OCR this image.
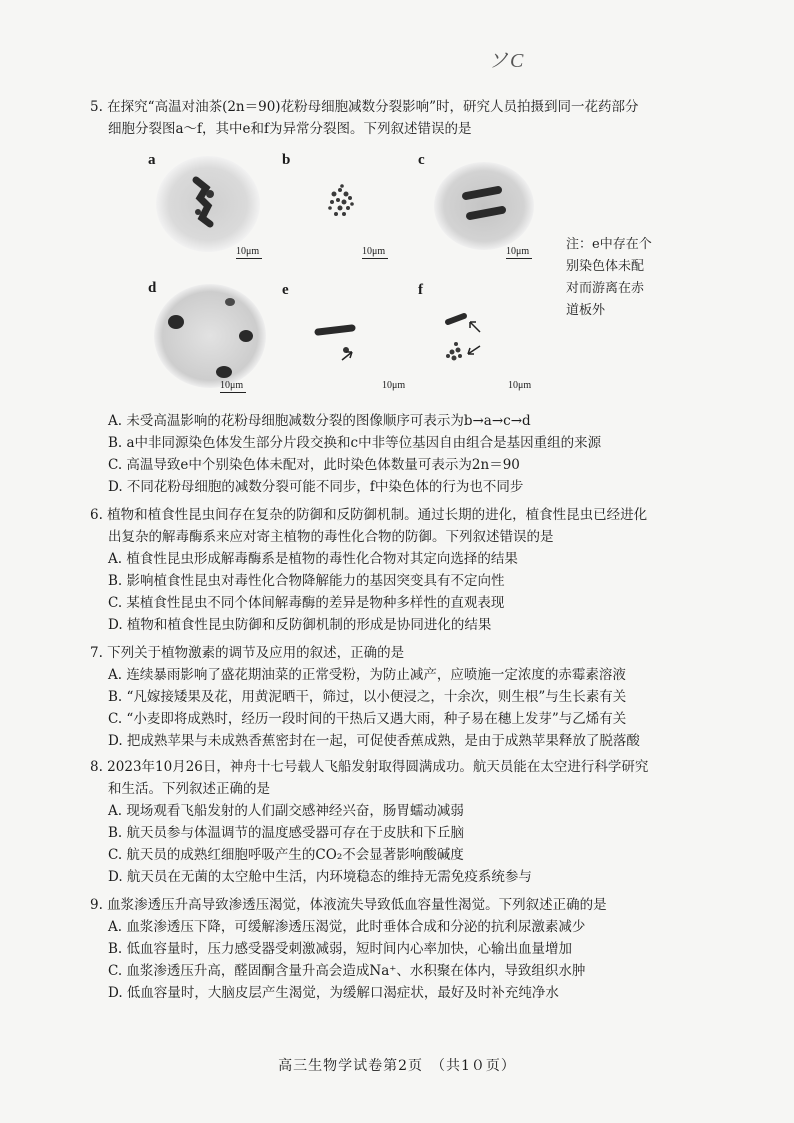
ソC
5. 在探究“高温对油茶(2n＝90)花粉母细胞减数分裂影响”时，研究人员拍摄到同一花药部分
细胞分裂图a～f，其中e和f为异常分裂图。下列叙述错误的是
a
10μm
b
10μm
c
10μm
d
10μm
e
10μm
f
10μm
注：e中存在个
别染色体未配
对而游离在赤
道板外
A. 未受高温影响的花粉母细胞减数分裂的图像顺序可表示为b→a→c→d
B. a中非同源染色体发生部分片段交换和c中非等位基因自由组合是基因重组的来源
C. 高温导致e中个别染色体未配对，此时染色体数量可表示为2n＝90
D. 不同花粉母细胞的减数分裂可能不同步，f中染色体的行为也不同步
6. 植物和植食性昆虫间存在复杂的防御和反防御机制。通过长期的进化，植食性昆虫已经进化
出复杂的解毒酶系来应对寄主植物的毒性化合物的防御。下列叙述错误的是
A. 植食性昆虫形成解毒酶系是植物的毒性化合物对其定向选择的结果
B. 影响植食性昆虫对毒性化合物降解能力的基因突变具有不定向性
C. 某植食性昆虫不同个体间解毒酶的差异是物种多样性的直观表现
D. 植物和植食性昆虫防御和反防御机制的形成是协同进化的结果
7. 下列关于植物激素的调节及应用的叙述，正确的是
A. 连续暴雨影响了盛花期油菜的正常受粉，为防止减产，应喷施一定浓度的赤霉素溶液
B. “凡嫁接矮果及花，用黄泥晒干，筛过，以小便浸之，十余次，则生根”与生长素有关
C. “小麦即将成熟时，经历一段时间的干热后又遇大雨，种子易在穗上发芽”与乙烯有关
D. 把成熟苹果与未成熟香蕉密封在一起，可促使香蕉成熟，是由于成熟苹果释放了脱落酸
8. 2023年10月26日，神舟十七号载人飞船发射取得圆满成功。航天员能在太空进行科学研究
和生活。下列叙述正确的是
A. 现场观看飞船发射的人们副交感神经兴奋，肠胃蠕动减弱
B. 航天员参与体温调节的温度感受器可存在于皮肤和下丘脑
C. 航天员的成熟红细胞呼吸产生的CO₂不会显著影响酸碱度
D. 航天员在无菌的太空舱中生活，内环境稳态的维持无需免疫系统参与
9. 血浆渗透压升高导致渗透压渴觉，体液流失导致低血容量性渴觉。下列叙述正确的是
A. 血浆渗透压下降，可缓解渗透压渴觉，此时垂体合成和分泌的抗利尿激素减少
B. 低血容量时，压力感受器受刺激减弱，短时间内心率加快，心输出血量增加
C. 血浆渗透压升高，醛固酮含量升高会造成Na⁺、水积聚在体内，导致组织水肿
D. 低血容量时，大脑皮层产生渴觉，为缓解口渴症状，最好及时补充纯净水
高三生物学试卷第2页　（共1０页）
